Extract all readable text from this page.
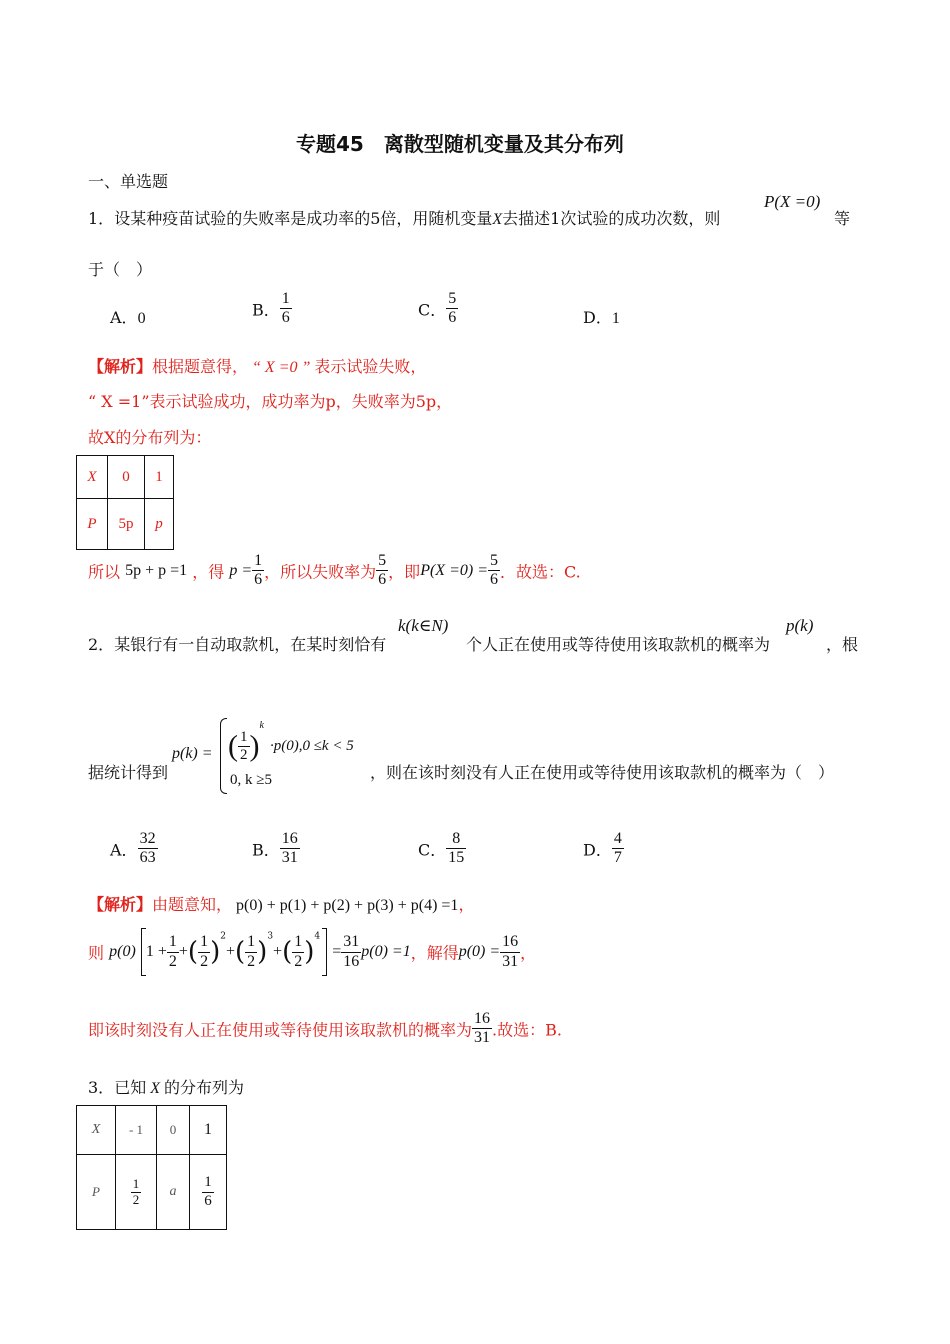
专题45　离散型随机变量及其分布列
一、单选题
1．设某种疫苗试验的失败率是成功率的5倍，用随机变量X去描述1次试验的成功次数，则
P(X =0)
等
于（　）
A．0	B． $\frac{1}{6}$	C． $\frac{5}{6}$	D．1
【解析】根据题意得， “ X =0 ” 表示试验失败，
“ X =1”表示试验成功，成功率为p，失败率为5p，
故X的分布列为：
X	0	1
P	5p	p
所以 5p + p =1 ，得 $p = \frac{1}{6}$ ，所以失败率为 $\frac{5}{6}$ ，即$P(X =0) = \frac{5}{6}$ ．故选：C.
2．某银行有一自动取款机，在某时刻恰有
k(k∈N)
个人正在使用或等待使用该取款机的概率为
p(k)
，根
据统计得到
p(k) = ( $\frac{1}{2} )^k\cdot p(0),0 \le k < 5$
0, k ≥5	，则在该时刻没有人正在使用或等待使用该取款机的概率为（　）
A． $\frac{32}{63}$	B． $\frac{16}{31}$	C． $\frac{8}{15}$	D． $\frac{4}{7}$
【解析】由题意知， p(0) + p(1) + p(2) + p(3) + p(4) =1，
则 p(0) $1 + \frac{1}{2}$ +( $\frac{1}{2} )^2+( \frac{1}{2} )^3+( \frac{1}{2} )^4 = \frac{31}{16} p(0) =1$，解得$p(0) = \frac{16}{31}$ ，
即该时刻没有人正在使用或等待使用该取款机的概率为 $\frac{16}{31}$ .故选：B.
3．已知 X 的分布列为
X	- 1	0	1
P	$\frac{1}{2}$	a	$\frac{1}{6}$
